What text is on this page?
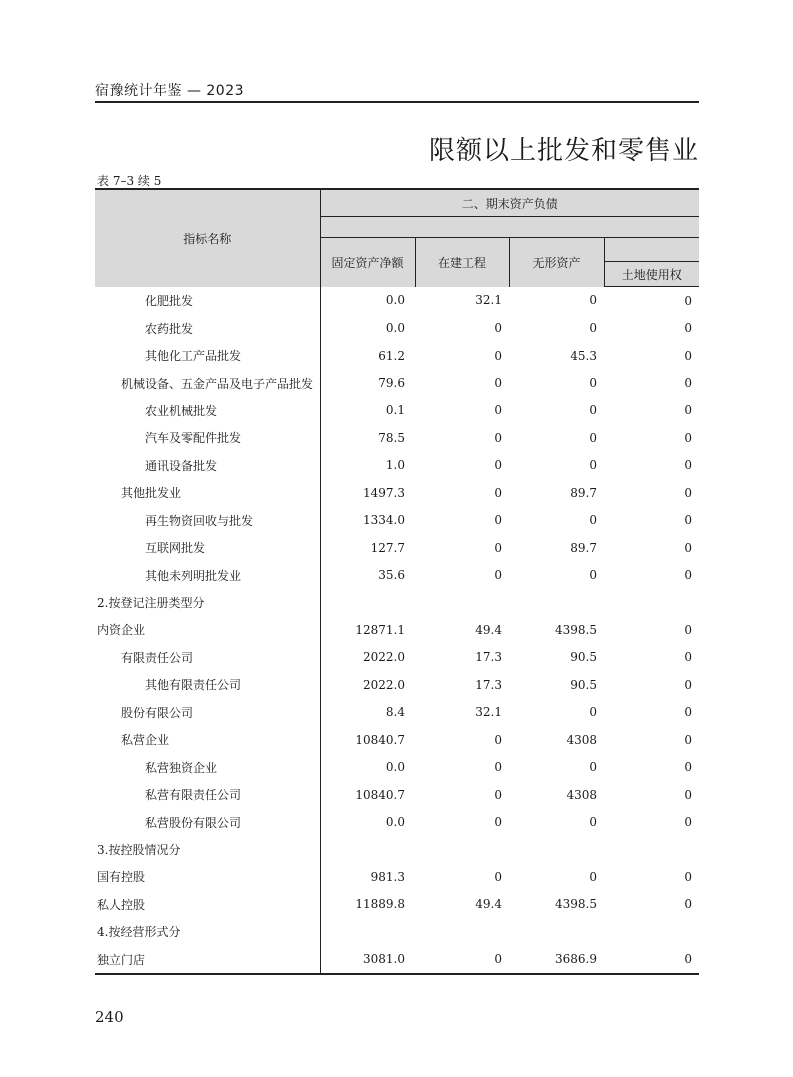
宿豫统计年鉴 — 2023
限额以上批发和零售业
表 7–3 续 5
指标名称	二、期末资产负债			

	固定资产净额	在建工程	无形资产	
				土地使用权
化肥批发	0.0	32.1	0	0
农药批发	0.0	0	0	0
其他化工产品批发	61.2	0	45.3	0
机械设备、五金产品及电子产品批发	79.6	0	0	0
农业机械批发	0.1	0	0	0
汽车及零配件批发	78.5	0	0	0
通讯设备批发	1.0	0	0	0
其他批发业	1497.3	0	89.7	0
再生物资回收与批发	1334.0	0	0	0
互联网批发	127.7	0	89.7	0
其他未列明批发业	35.6	0	0	0
2.按登记注册类型分				
内资企业	12871.1	49.4	4398.5	0
有限责任公司	2022.0	17.3	90.5	0
其他有限责任公司	2022.0	17.3	90.5	0
股份有限公司	8.4	32.1	0	0
私营企业	10840.7	0	4308	0
私营独资企业	0.0	0	0	0
私营有限责任公司	10840.7	0	4308	0
私营股份有限公司	0.0	0	0	0
3.按控股情况分				
国有控股	981.3	0	0	0
私人控股	11889.8	49.4	4398.5	0
4.按经营形式分				
独立门店	3081.0	0	3686.9	0
240
